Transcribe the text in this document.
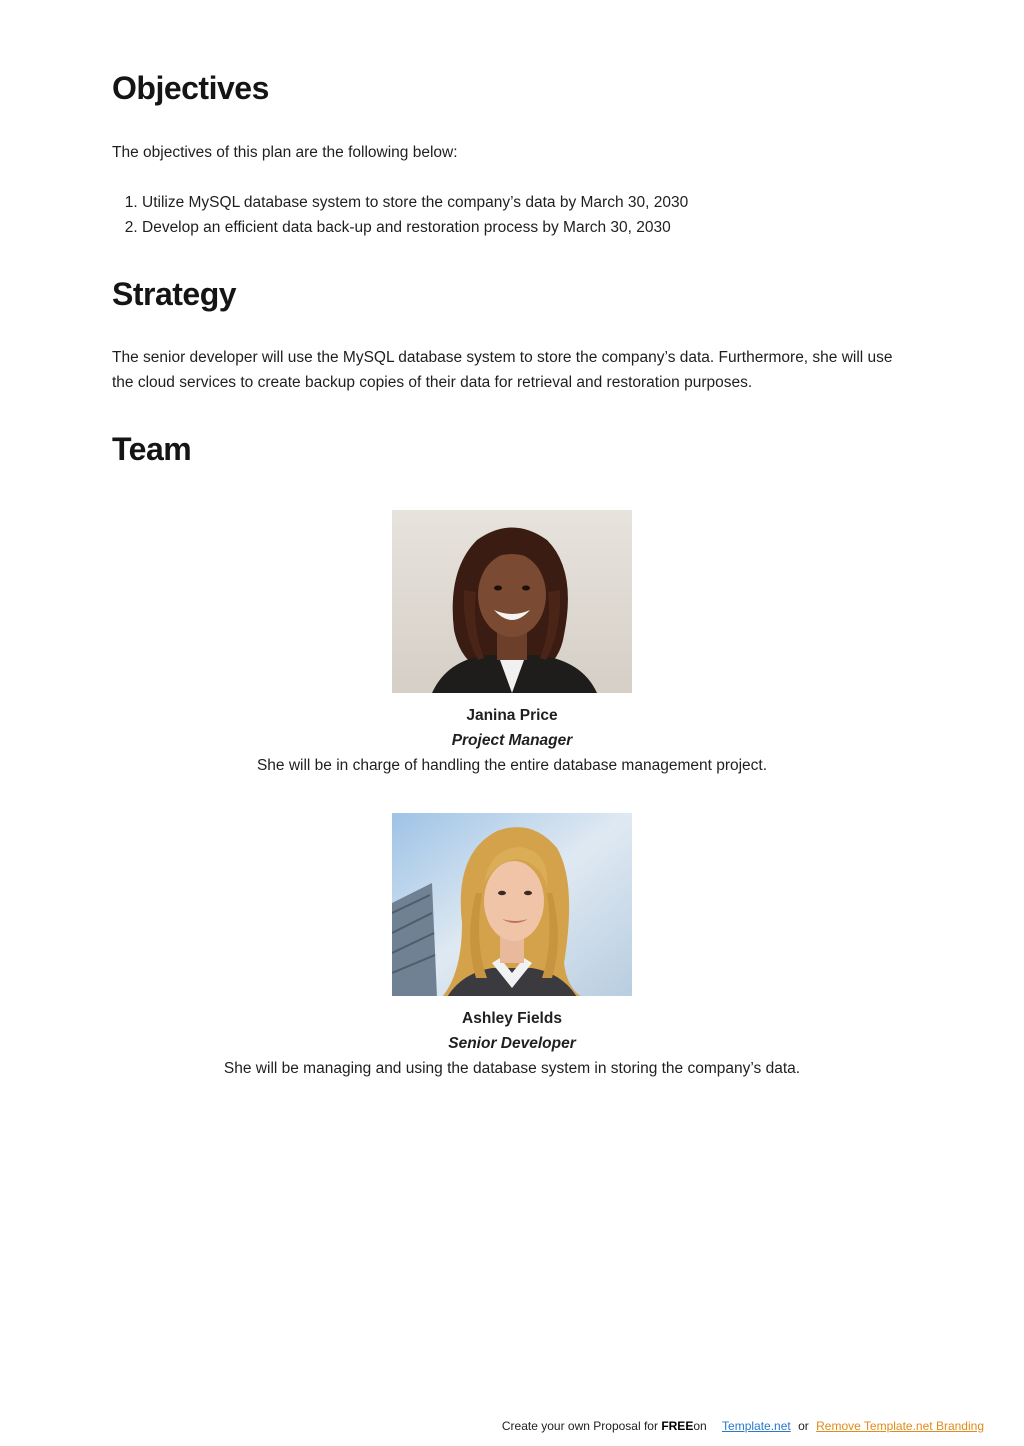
Objectives

The objectives of this plan are the following below:

1. Utilize MySQL database system to store the company’s data by March 30, 2030
2. Develop an efficient data back-up and restoration process by March 30, 2030
Strategy

The senior developer will use the MySQL database system to store the company’s data. Furthermore, she will use the cloud services to create backup copies of their data for retrieval and restoration purposes.

Team
Janina Price
Project Manager
She will be in charge of handling the entire database management project.
Ashley Fields
Senior Developer
She will be managing and using the database system in storing the company’s data.
Create your own Proposal for FREEon Template.net or Remove Template.net Branding
